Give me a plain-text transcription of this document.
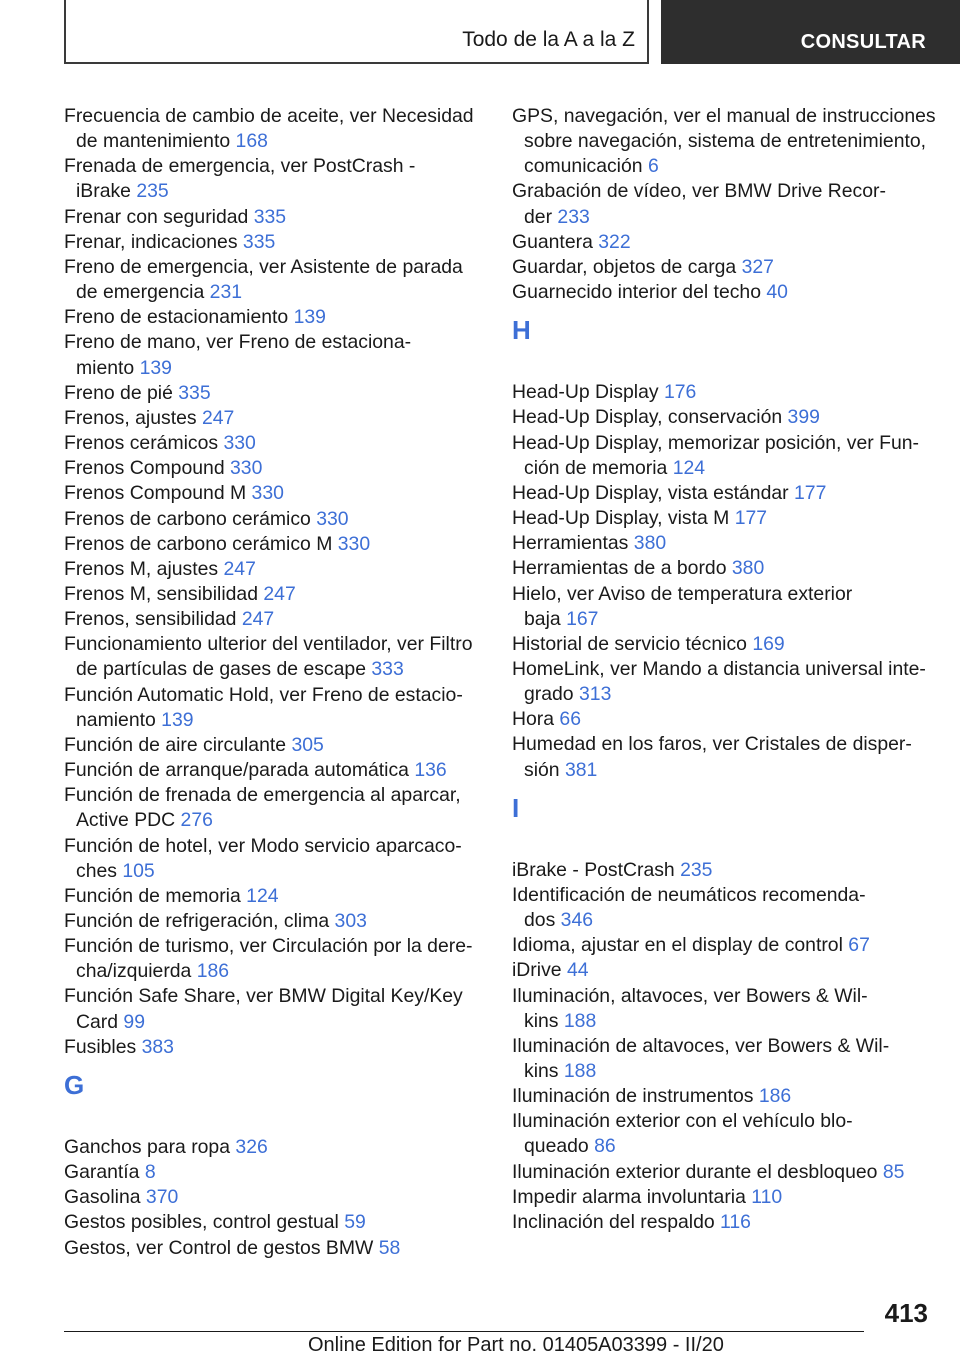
Todo de la A a la Z	CONSULTAR
Frecuencia de cambio de aceite, ver Necesidad
de mantenimiento 168
Frenada de emergencia, ver PostCrash -
iBrake 235
Frenar con seguridad 335
Frenar, indicaciones 335
Freno de emergencia, ver Asistente de parada
de emergencia 231
Freno de estacionamiento 139
Freno de mano, ver Freno de estaciona-
miento 139
Freno de pié 335
Frenos, ajustes 247
Frenos cerámicos 330
Frenos Compound 330
Frenos Compound M 330
Frenos de carbono cerámico 330
Frenos de carbono cerámico M 330
Frenos M, ajustes 247
Frenos M, sensibilidad 247
Frenos, sensibilidad 247
Funcionamiento ulterior del ventilador, ver Filtro
de partículas de gases de escape 333
Función Automatic Hold, ver Freno de estacio-
namiento 139
Función de aire circulante 305
Función de arranque/parada automática 136
Función de frenada de emergencia al aparcar,
Active PDC 276
Función de hotel, ver Modo servicio aparcaco-
ches 105
Función de memoria 124
Función de refrigeración, clima 303
Función de turismo, ver Circulación por la dere-
cha/izquierda 186
Función Safe Share, ver BMW Digital Key/Key
Card 99
Fusibles 383
G
Ganchos para ropa 326
Garantía 8
Gasolina 370
Gestos posibles, control gestual 59
Gestos, ver Control de gestos BMW 58
GPS, navegación, ver el manual de instrucciones
sobre navegación, sistema de entretenimiento,
comunicación 6
Grabación de vídeo, ver BMW Drive Recor-
der 233
Guantera 322
Guardar, objetos de carga 327
Guarnecido interior del techo 40
H
Head-Up Display 176
Head-Up Display, conservación 399
Head-Up Display, memorizar posición, ver Fun-
ción de memoria 124
Head-Up Display, vista estándar 177
Head-Up Display, vista M 177
Herramientas 380
Herramientas de a bordo 380
Hielo, ver Aviso de temperatura exterior
baja 167
Historial de servicio técnico 169
HomeLink, ver Mando a distancia universal inte-
grado 313
Hora 66
Humedad en los faros, ver Cristales de disper-
sión 381
I
iBrake - PostCrash 235
Identificación de neumáticos recomenda-
dos 346
Idioma, ajustar en el display de control 67
iDrive 44
Iluminación, altavoces, ver Bowers & Wil-
kins 188
Iluminación de altavoces, ver Bowers & Wil-
kins 188
Iluminación de instrumentos 186
Iluminación exterior con el vehículo blo-
queado 86
Iluminación exterior durante el desbloqueo 85
Impedir alarma involuntaria 110
Inclinación del respaldo 116
413
Online Edition for Part no. 01405A03399 - II/20
